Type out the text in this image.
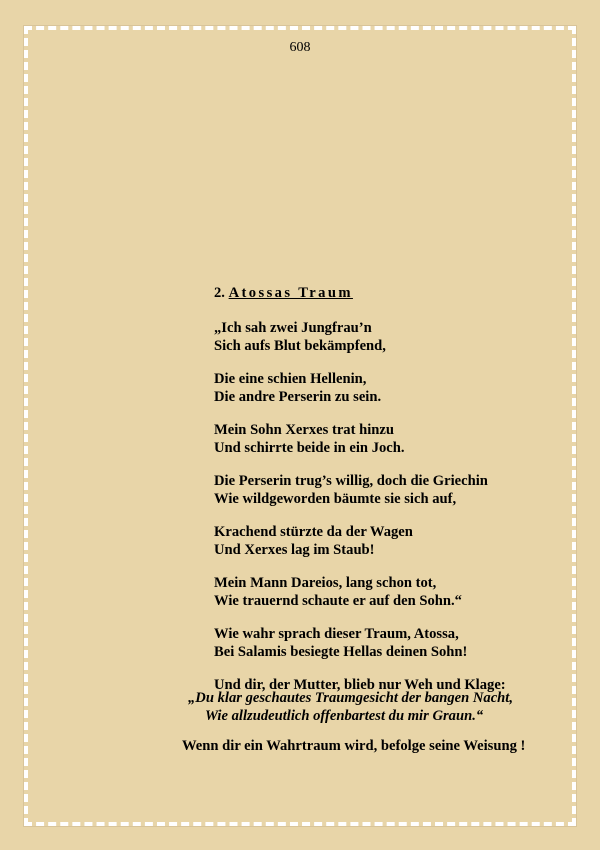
608
2. Atossas Traum
„Ich sah zwei Jungfrau’n
Sich aufs Blut bekämpfend,
Die eine schien Hellenin,
Die andre Perserin zu sein.
Mein Sohn Xerxes trat hinzu
Und schirrte beide in ein Joch.
Die Perserin trug’s willig, doch die Griechin
Wie wildgeworden bäumte sie sich auf,
Krachend stürzte da der Wagen
Und Xerxes lag im Staub!
Mein Mann Dareios, lang schon tot,
Wie trauernd schaute er auf den Sohn.“
Wie wahr sprach dieser Traum, Atossa,
Bei Salamis besiegte Hellas deinen Sohn!
Und dir, der Mutter, blieb nur Weh und Klage:
„Du klar geschautes Traumgesicht der bangen Nacht,
Wie allzudeutlich offenbartest du mir Graun.“
Wenn dir ein Wahrtraum wird, befolge seine Weisung !
